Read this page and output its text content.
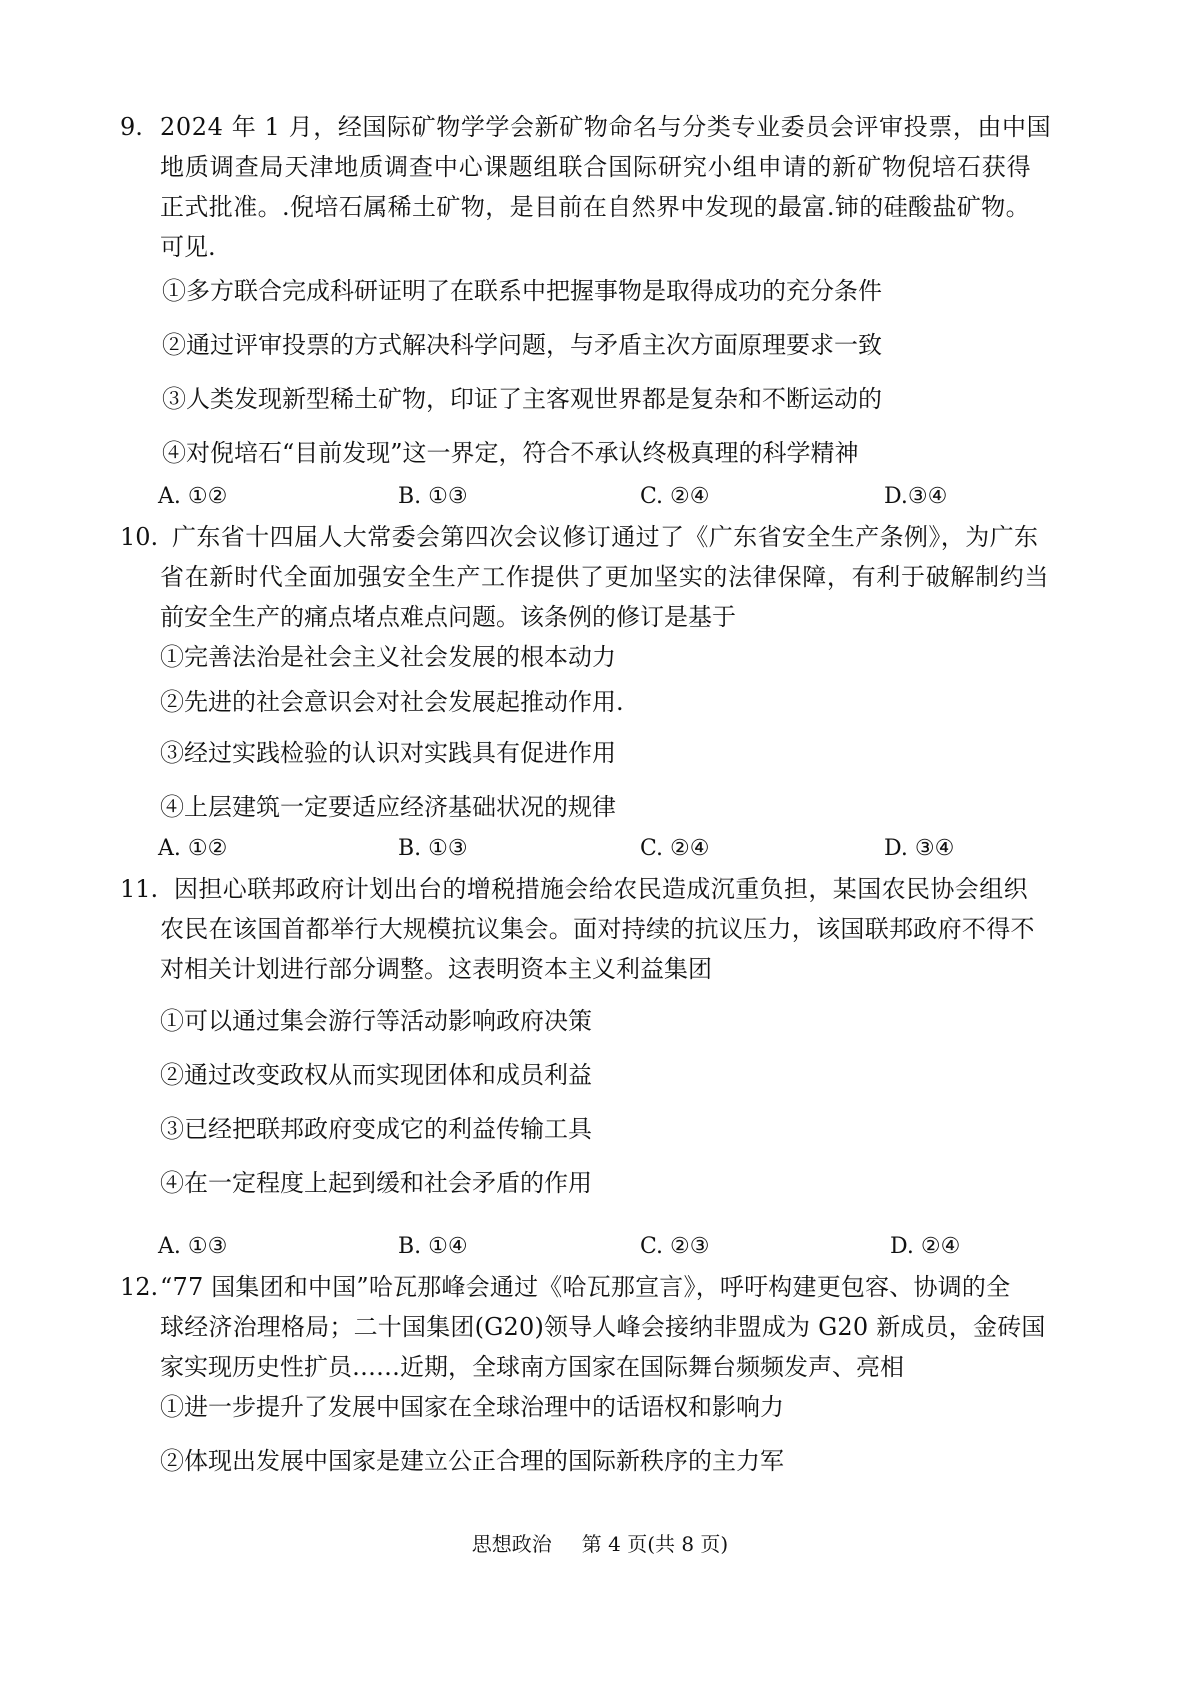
9. 2024 年 1 月，经国际矿物学学会新矿物命名与分类专业委员会评审投票，由中国
地质调查局天津地质调查中心课题组联合国际研究小组申请的新矿物倪培石获得
正式批准。.倪培石属稀土矿物，是目前在自然界中发现的最富.铈的硅酸盐矿物。
可见.
①多方联合完成科研证明了在联系中把握事物是取得成功的充分条件
②通过评审投票的方式解决科学问题，与矛盾主次方面原理要求一致
③人类发现新型稀土矿物，印证了主客观世界都是复杂和不断运动的
④对倪培石“目前发现”这一界定，符合不承认终极真理的科学精神
A. ①②	B. ①③	C. ②④	D.③④
10. 广东省十四届人大常委会第四次会议修订通过了《广东省安全生产条例》，为广东
省在新时代全面加强安全生产工作提供了更加坚实的法律保障，有利于破解制约当
前安全生产的痛点堵点难点问题。该条例的修订是基于
①完善法治是社会主义社会发展的根本动力
②先进的社会意识会对社会发展起推动作用.
③经过实践检验的认识对实践具有促进作用
④上层建筑一定要适应经济基础状况的规律
A. ①②	B. ①③	C. ②④	D. ③④
11. 因担心联邦政府计划出台的增税措施会给农民造成沉重负担，某国农民协会组织
农民在该国首都举行大规模抗议集会。面对持续的抗议压力，该国联邦政府不得不
对相关计划进行部分调整。这表明资本主义利益集团
①可以通过集会游行等活动影响政府决策
②通过改变政权从而实现团体和成员利益
③已经把联邦政府变成它的利益传输工具
④在一定程度上起到缓和社会矛盾的作用
A. ①③	B. ①④	C. ②③	D. ②④
12. “77 国集团和中国”哈瓦那峰会通过《哈瓦那宣言》，呼吁构建更包容、协调的全
球经济治理格局；二十国集团(G20)领导人峰会接纳非盟成为 G20 新成员，金砖国
家实现历史性扩员……近期，全球南方国家在国际舞台频频发声、亮相
①进一步提升了发展中国家在全球治理中的话语权和影响力
②体现出发展中国家是建立公正合理的国际新秩序的主力军
思想政治 第 4 页(共 8 页)
